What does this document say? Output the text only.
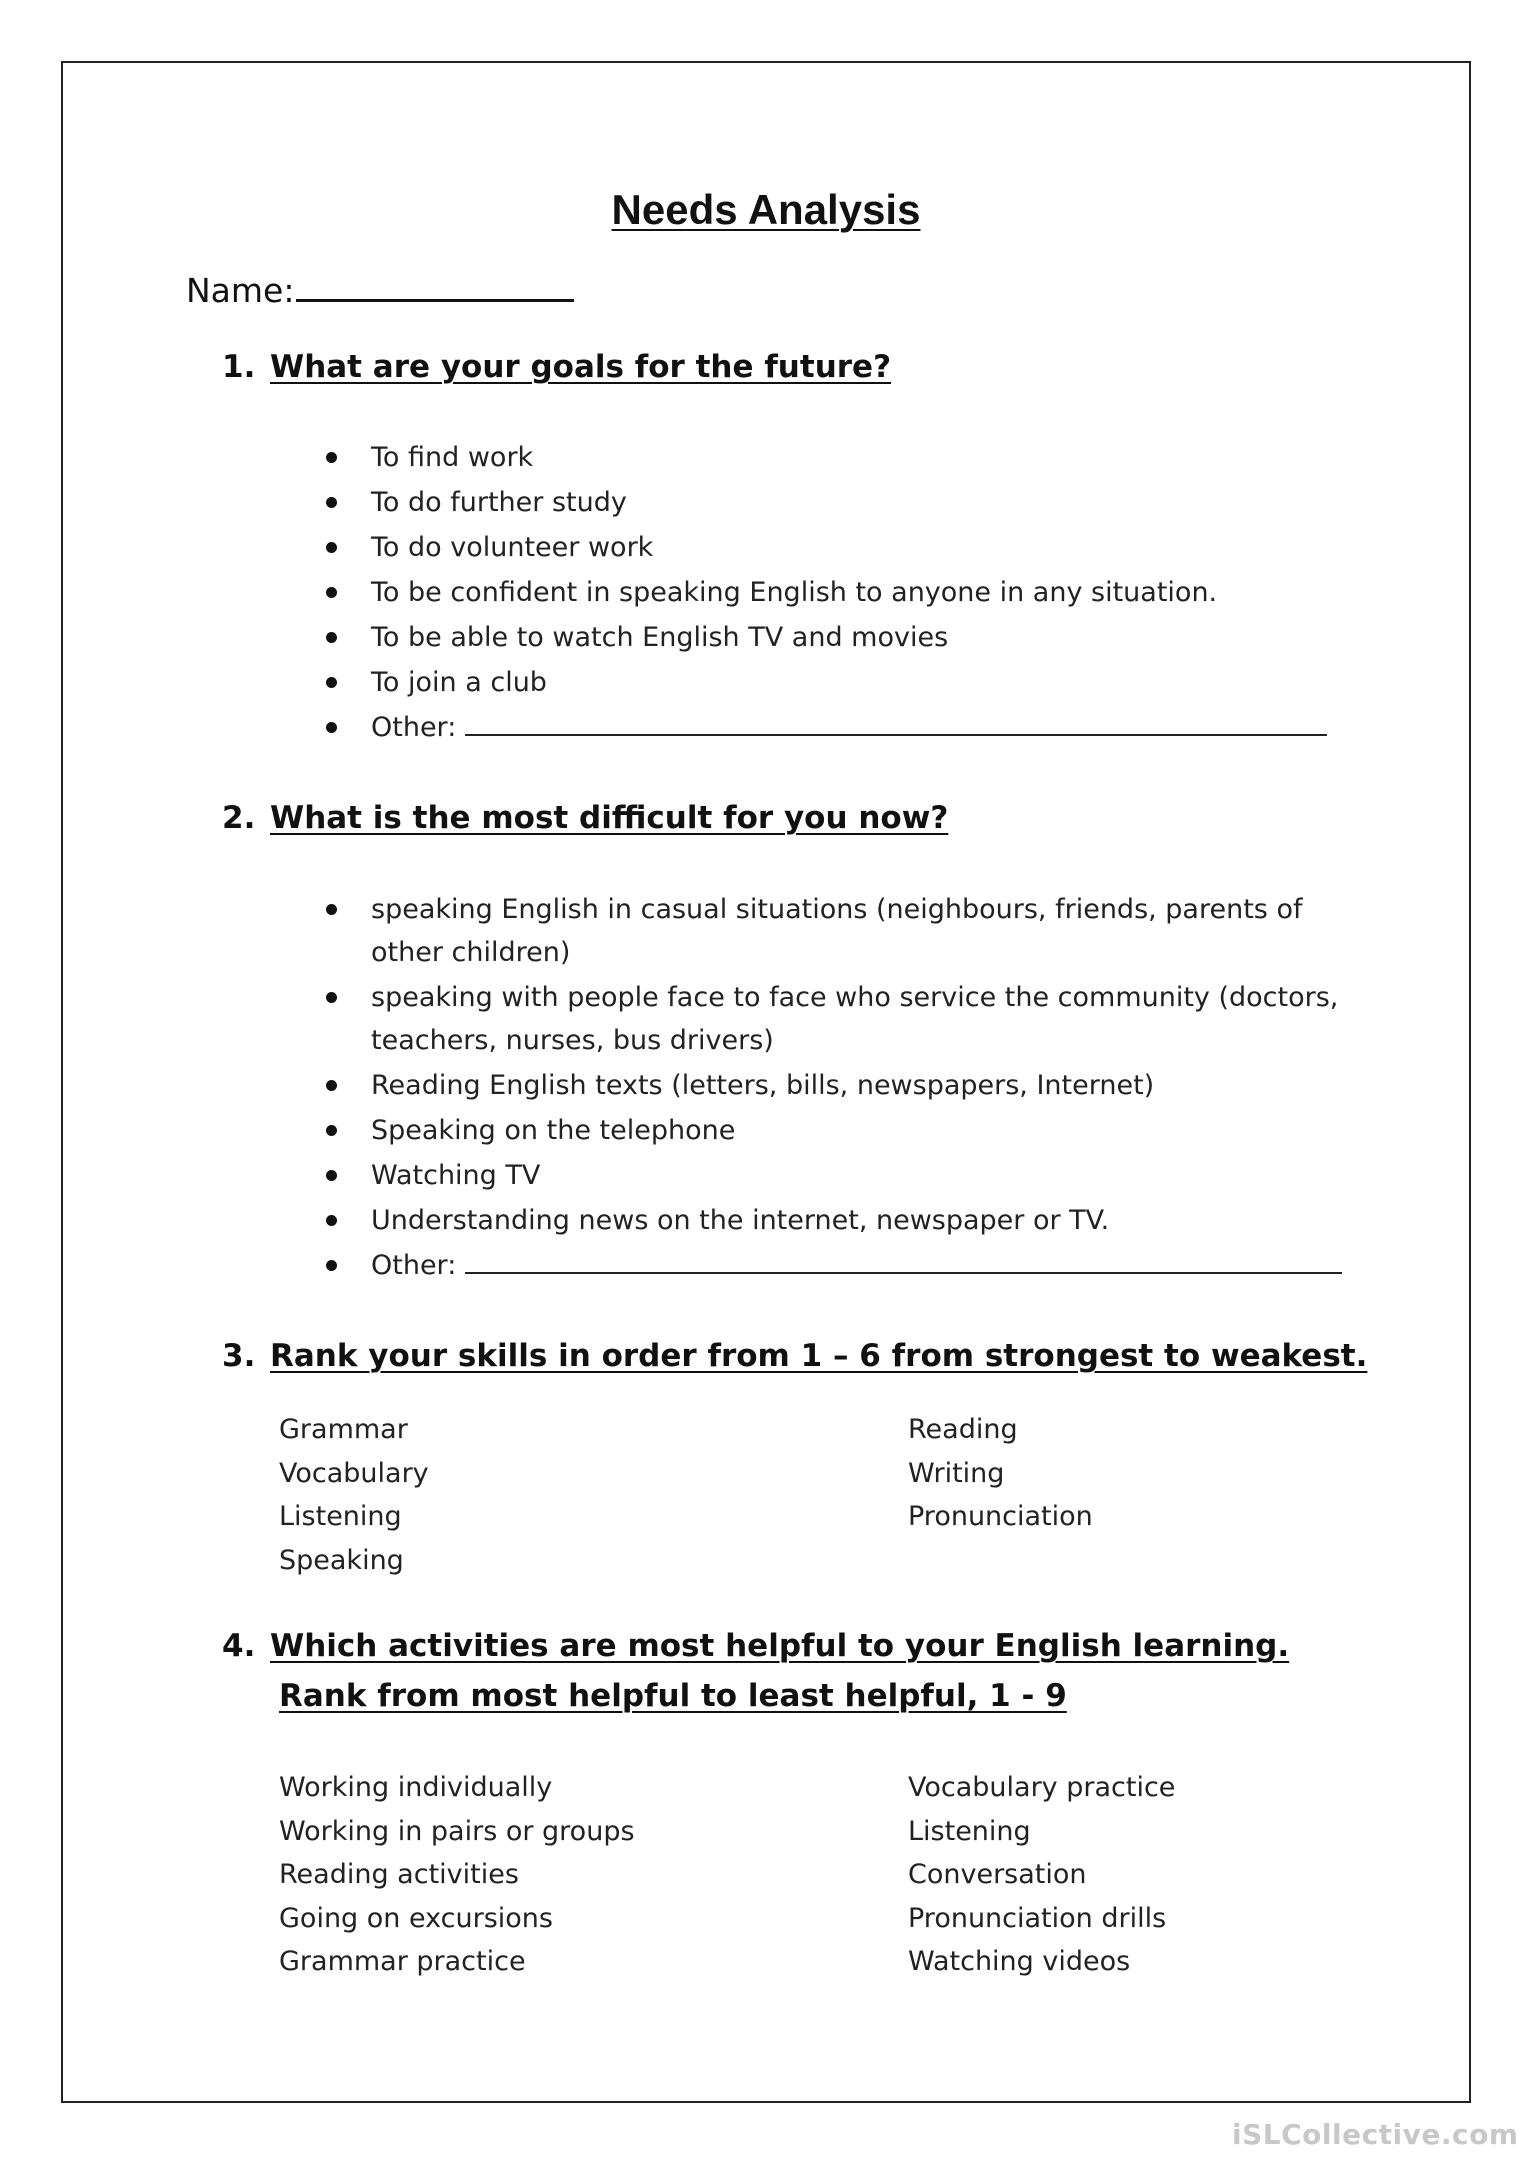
Needs Analysis
Name:
1. What are your goals for the future?
To find work
To do further study
To do volunteer work
To be confident in speaking English to anyone in any situation.
To be able to watch English TV and movies
To join a club
Other:
2. What is the most difficult for you now?
speaking English in casual situations (neighbours, friends, parents of other children)
speaking with people face to face who service the community (doctors, teachers, nurses, bus drivers)
Reading English texts (letters, bills, newspapers, Internet)
Speaking on the telephone
Watching TV
Understanding news on the internet, newspaper or TV.
Other:
3. Rank your skills in order from 1 – 6 from strongest to weakest.
Grammar
Vocabulary
Listening
Speaking
Reading
Writing
Pronunciation
4. Which activities are most helpful to your English learning.
Rank from most helpful to least helpful, 1 - 9
Working individually
Working in pairs or groups
Reading activities
Going on excursions
Grammar practice
Vocabulary practice
Listening
Conversation
Pronunciation drills
Watching videos
iSLCollective.com
